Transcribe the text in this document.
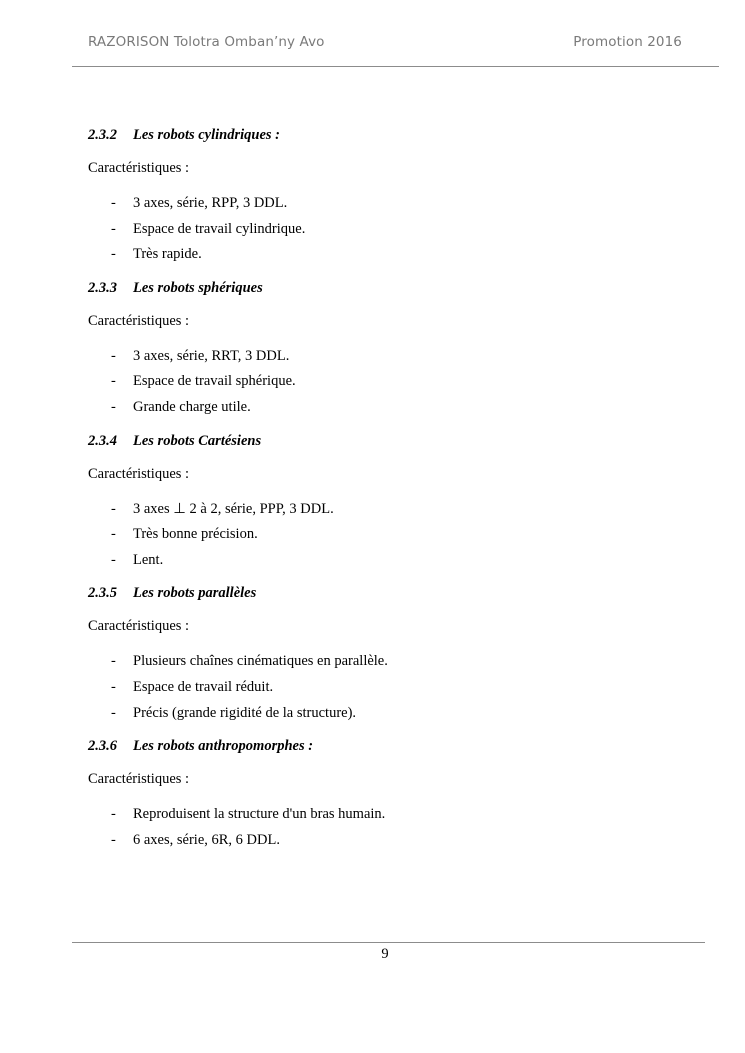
RAZORISON Tolotra Omban’ny Avo	Promotion 2016
2.3.2 Les robots cylindriques :
Caractéristiques :
- 3 axes, série, RPP, 3 DDL.
- Espace de travail cylindrique.
- Très rapide.
2.3.3 Les robots sphériques
Caractéristiques :
- 3 axes, série, RRT, 3 DDL.
- Espace de travail sphérique.
- Grande charge utile.
2.3.4 Les robots Cartésiens
Caractéristiques :
- 3 axes ⊥ 2 à 2, série, PPP, 3 DDL.
- Très bonne précision.
- Lent.
2.3.5 Les robots parallèles
Caractéristiques :
- Plusieurs chaînes cinématiques en parallèle.
- Espace de travail réduit.
- Précis (grande rigidité de la structure).
2.3.6 Les robots anthropomorphes :
Caractéristiques :
- Reproduisent la structure d'un bras humain.
- 6 axes, série, 6R, 6 DDL.
9
